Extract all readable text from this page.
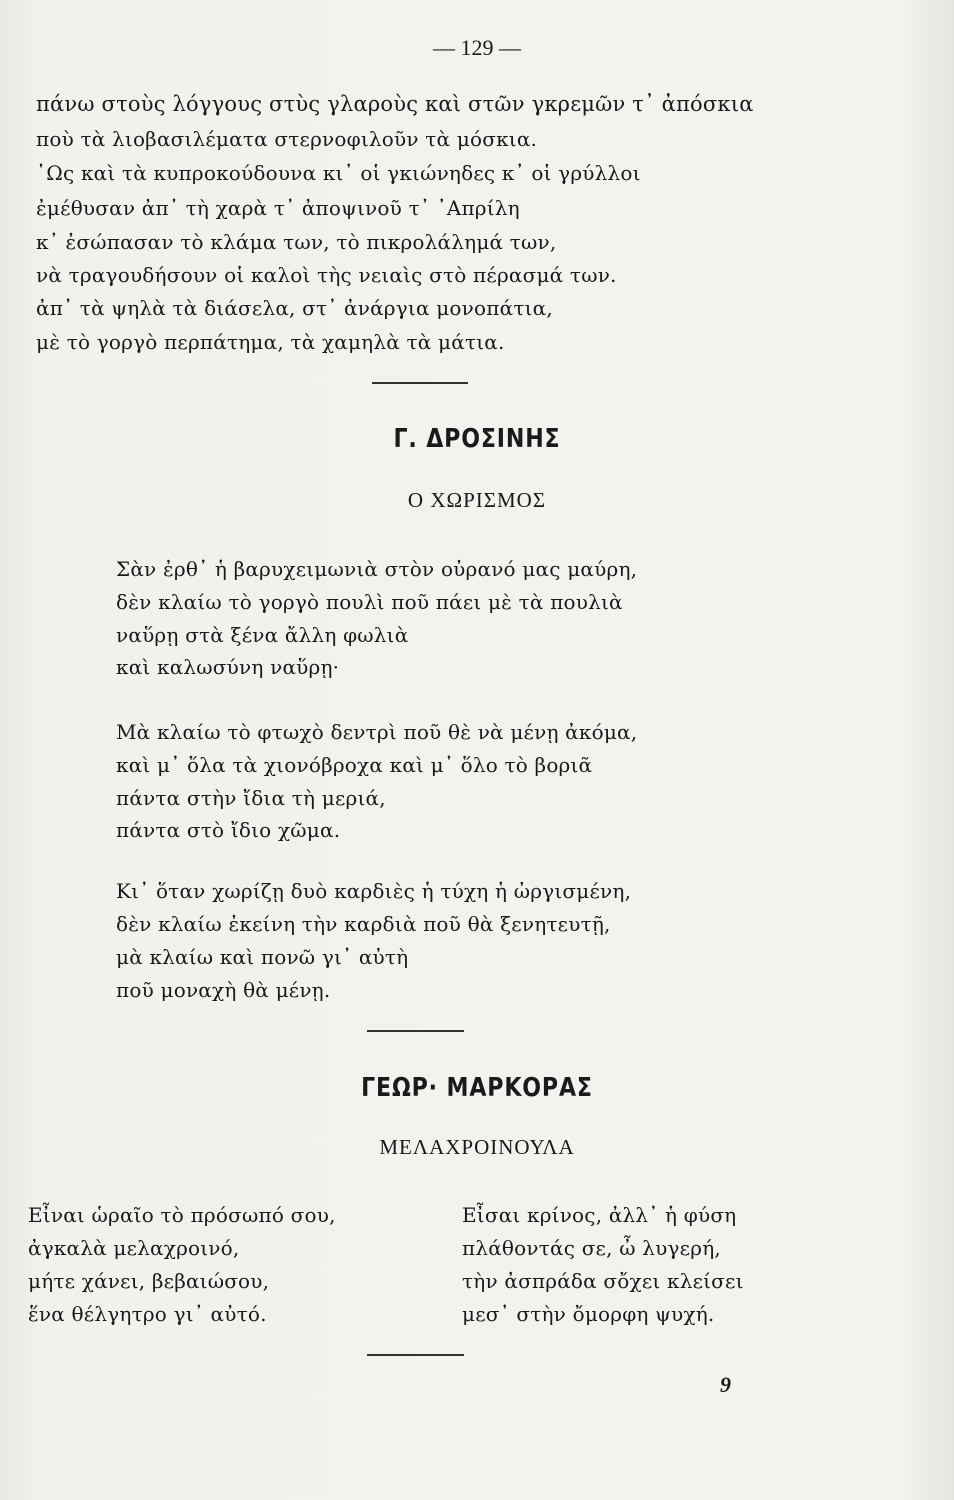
— 129 —
πάνω στοὺς λόγγους στὺς γλαροὺς καὶ στῶν γκρεμῶν τ᾽ ἀπόσκια
ποὺ τὰ λιοβασιλέματα στερνοφιλοῦν τὰ μόσκια.
῾Ως καὶ τὰ κυπροκούδουνα κι᾽ οἱ γκιώνηδες κ᾽ οἱ γρύλλοι
ἐμέθυσαν ἀπ᾽ τὴ χαρὰ τ᾽ ἀποψινοῦ τ᾽ ᾽Απρίλη
κ᾽ ἐσώπασαν τὸ κλάμα των, τὸ πικρολάλημά των,
νὰ τραγουδήσουν οἱ καλοὶ τὴς νειαὶς στὸ πέρασμά των.
ἀπ᾽ τὰ ψηλὰ τὰ διάσελα, στ᾽ ἀνάργια μονοπάτια,
μὲ τὸ γοργὸ περπάτημα, τὰ χαμηλὰ τὰ μάτια.
Γ. ΔΡΟΣΙΝΗΣ
Ο ΧΩΡΙΣΜΟΣ
Σὰν ἐρθ᾽ ἡ βαρυχειμωνιὰ στὸν οὐρανό μας μαύρη,
δὲν κλαίω τὸ γοργὸ πουλὶ ποῦ πάει μὲ τὰ πουλιὰ
ναὕρῃ στὰ ξένα ἄλλη φωλιὰ
καὶ καλωσύνη ναὕρῃ·
Μὰ κλαίω τὸ φτωχὸ δεντρὶ ποῦ θὲ νὰ μένῃ ἀκόμα,
καὶ μ᾽ ὅλα τὰ χιονόβροχα καὶ μ᾽ ὅλο τὸ βοριᾶ
πάντα στὴν ἴδια τὴ μεριά,
πάντα στὸ ἴδιο χῶμα.
Κι᾽ ὅταν χωρίζῃ δυὸ καρδιὲς ἡ τύχη ἡ ὠργισμένη,
δὲν κλαίω ἐκείνη τὴν καρδιὰ ποῦ θὰ ξενητευτῇ,
μὰ κλαίω καὶ πονῶ γι᾽ αὐτὴ
ποῦ μοναχὴ θὰ μένῃ.
ΓΕΩΡ· ΜΑΡΚΟΡΑΣ
ΜΕΛΑΧΡΟΙΝΟΥΛΑ
Εἶναι ὡραῖο τὸ πρόσωπό σου,
ἀγκαλὰ μελαχροινό,
μήτε χάνει, βεβαιώσου,
ἕνα θέλγητρο γι᾽ αὐτό.
Εἶσαι κρίνος, ἀλλ᾽ ἡ φύση
πλάθοντάς σε, ὦ λυγερή,
τὴν ἀσπράδα σὄχει κλείσει
μεσ᾽ στὴν ὄμορφη ψυχή.
9
